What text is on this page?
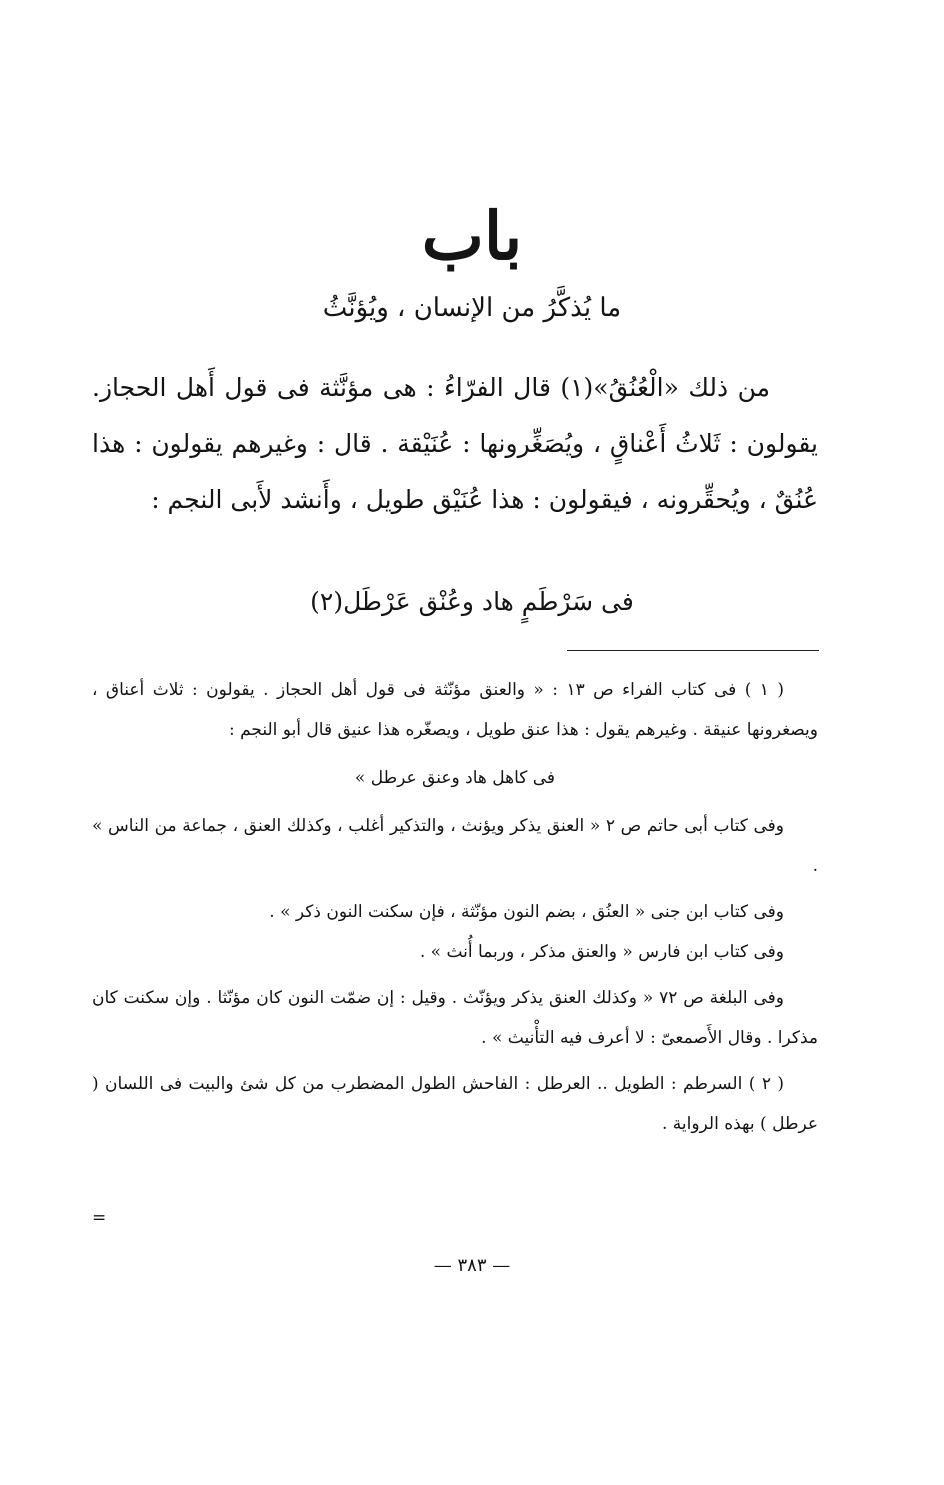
باب
ما يُذكَّرُ من الإنسان ، ويُؤنَّثُ

من ذلك «الْعُنُقُ»(١) قال الفرّاءُ : هى مؤنَّثة فى قول أَهل الحجاز. يقولون : ثَلاثُ أَعْناقٍ ، ويُصَغِّرونها : عُنَيْقة . قال : وغيرهم يقولون : هذا عُنُقٌ ، ويُحقِّرونه ، فيقولون : هذا عُنَيْق طويل ، وأَنشد لأَبى النجم :

فى سَرْطَمٍ هاد وعُنْق عَرْطَل(٢)

( ١ ) فى كتاب الفراء ص ١٣ : « والعنق مؤنّثة فى قول أهل الحجاز . يقولون : ثلاث أعناق ، ويصغرونها عنيقة . وغيرهم يقول : هذا عنق طويل ، ويصغّره هذا عنيق قال أبو النجم :

فى كاهل هاد وعنق عرطل »

وفى كتاب أبى حاتم ص ٢ « العنق يذكر ويؤنث ، والتذكير أغلب ، وكذلك العنق ، جماعة من الناس » .

وفى كتاب ابن جنى « العنُق ، بضم النون مؤنّثة ، فإن سكنت النون ذكر » .

وفى كتاب ابن فارس « والعنق مذكر ، وربما أُنث » .

وفى البلغة ص ٧٢ « وكذلك العنق يذكر ويؤنّث . وقيل : إن ضمّت النون كان مؤنّثا . وإن سكنت كان مذكرا . وقال الأَصمعىّ : لا أعرف فيه التأْنيث » .

( ٢ ) السرطم : الطويل .. العرطل : الفاحش الطول المضطرب من كل شئ والبيت فى اللسان ( عرطل ) بهذه الرواية .

=
— ٣٨٣ —
